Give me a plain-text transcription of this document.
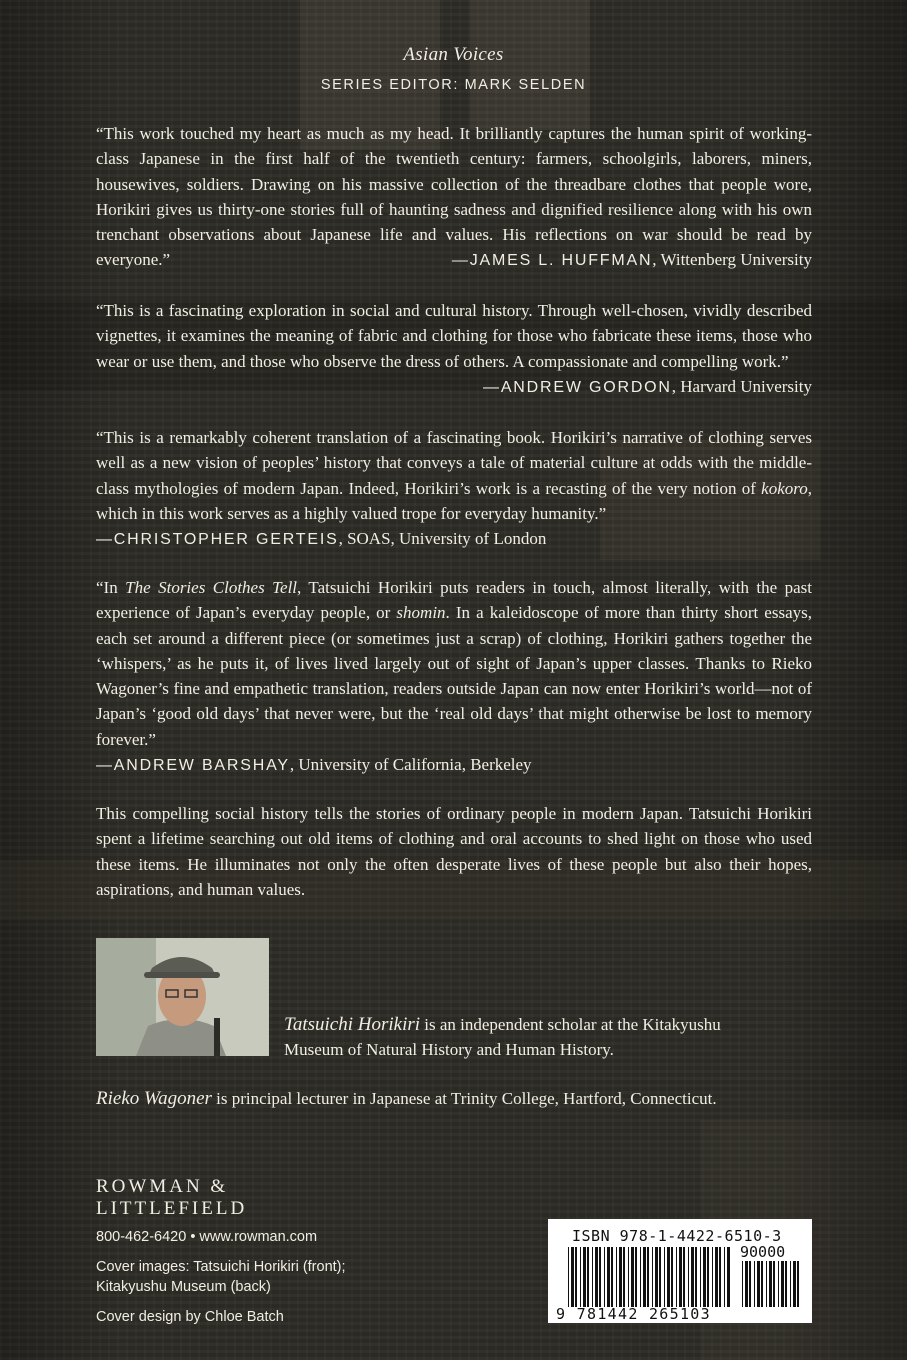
Asian Voices
SERIES EDITOR: MARK SELDEN
“This work touched my heart as much as my head. It brilliantly captures the human spirit of working-class Japanese in the first half of the twentieth century: farmers, schoolgirls, laborers, miners, housewives, soldiers. Drawing on his massive collection of the threadbare clothes that people wore, Horikiri gives us thirty-one stories full of haunting sadness and dignified resilience along with his own trenchant observations about Japanese life and values. His reflections on war should be read by everyone.”	—JAMES L. HUFFMAN, Wittenberg University
“This is a fascinating exploration in social and cultural history. Through well-chosen, vividly described vignettes, it examines the meaning of fabric and clothing for those who fabricate these items, those who wear or use them, and those who observe the dress of others. A compassionate and compelling work.”
—ANDREW GORDON, Harvard University
“This is a remarkably coherent translation of a fascinating book. Horikiri’s narrative of clothing serves well as a new vision of peoples’ history that conveys a tale of material culture at odds with the middle-class mythologies of modern Japan. Indeed, Horikiri’s work is a recasting of the very notion of kokoro, which in this work serves as a highly valued trope for everyday humanity.”
—CHRISTOPHER GERTEIS, SOAS, University of London
“In The Stories Clothes Tell, Tatsuichi Horikiri puts readers in touch, almost literally, with the past experience of Japan’s everyday people, or shomin. In a kaleidoscope of more than thirty short essays, each set around a different piece (or sometimes just a scrap) of clothing, Horikiri gathers together the ‘whispers,’ as he puts it, of lives lived largely out of sight of Japan’s upper classes. Thanks to Rieko Wagoner’s fine and empathetic translation, readers outside Japan can now enter Horikiri’s world—not of Japan’s ‘good old days’ that never were, but the ‘real old days’ that might otherwise be lost to memory forever.”
—ANDREW BARSHAY, University of California, Berkeley
This compelling social history tells the stories of ordinary people in modern Japan. Tatsuichi Horikiri spent a lifetime searching out old items of clothing and oral accounts to shed light on those who used these items. He illuminates not only the often desperate lives of these people but also their hopes, aspirations, and human values.
Tatsuichi Horikiri is an independent scholar at the Kitakyushu
Museum of Natural History and Human History.
Rieko Wagoner is principal lecturer in Japanese at Trinity College, Hartford, Connecticut.
ROWMAN &
LITTLEFIELD
800-462-6420 • www.rowman.com
Cover images: Tatsuichi Horikiri (front);
Kitakyushu Museum (back)
Cover design by Chloe Batch
ISBN 978-1-4422-6510-3
90000
9 781442 265103
